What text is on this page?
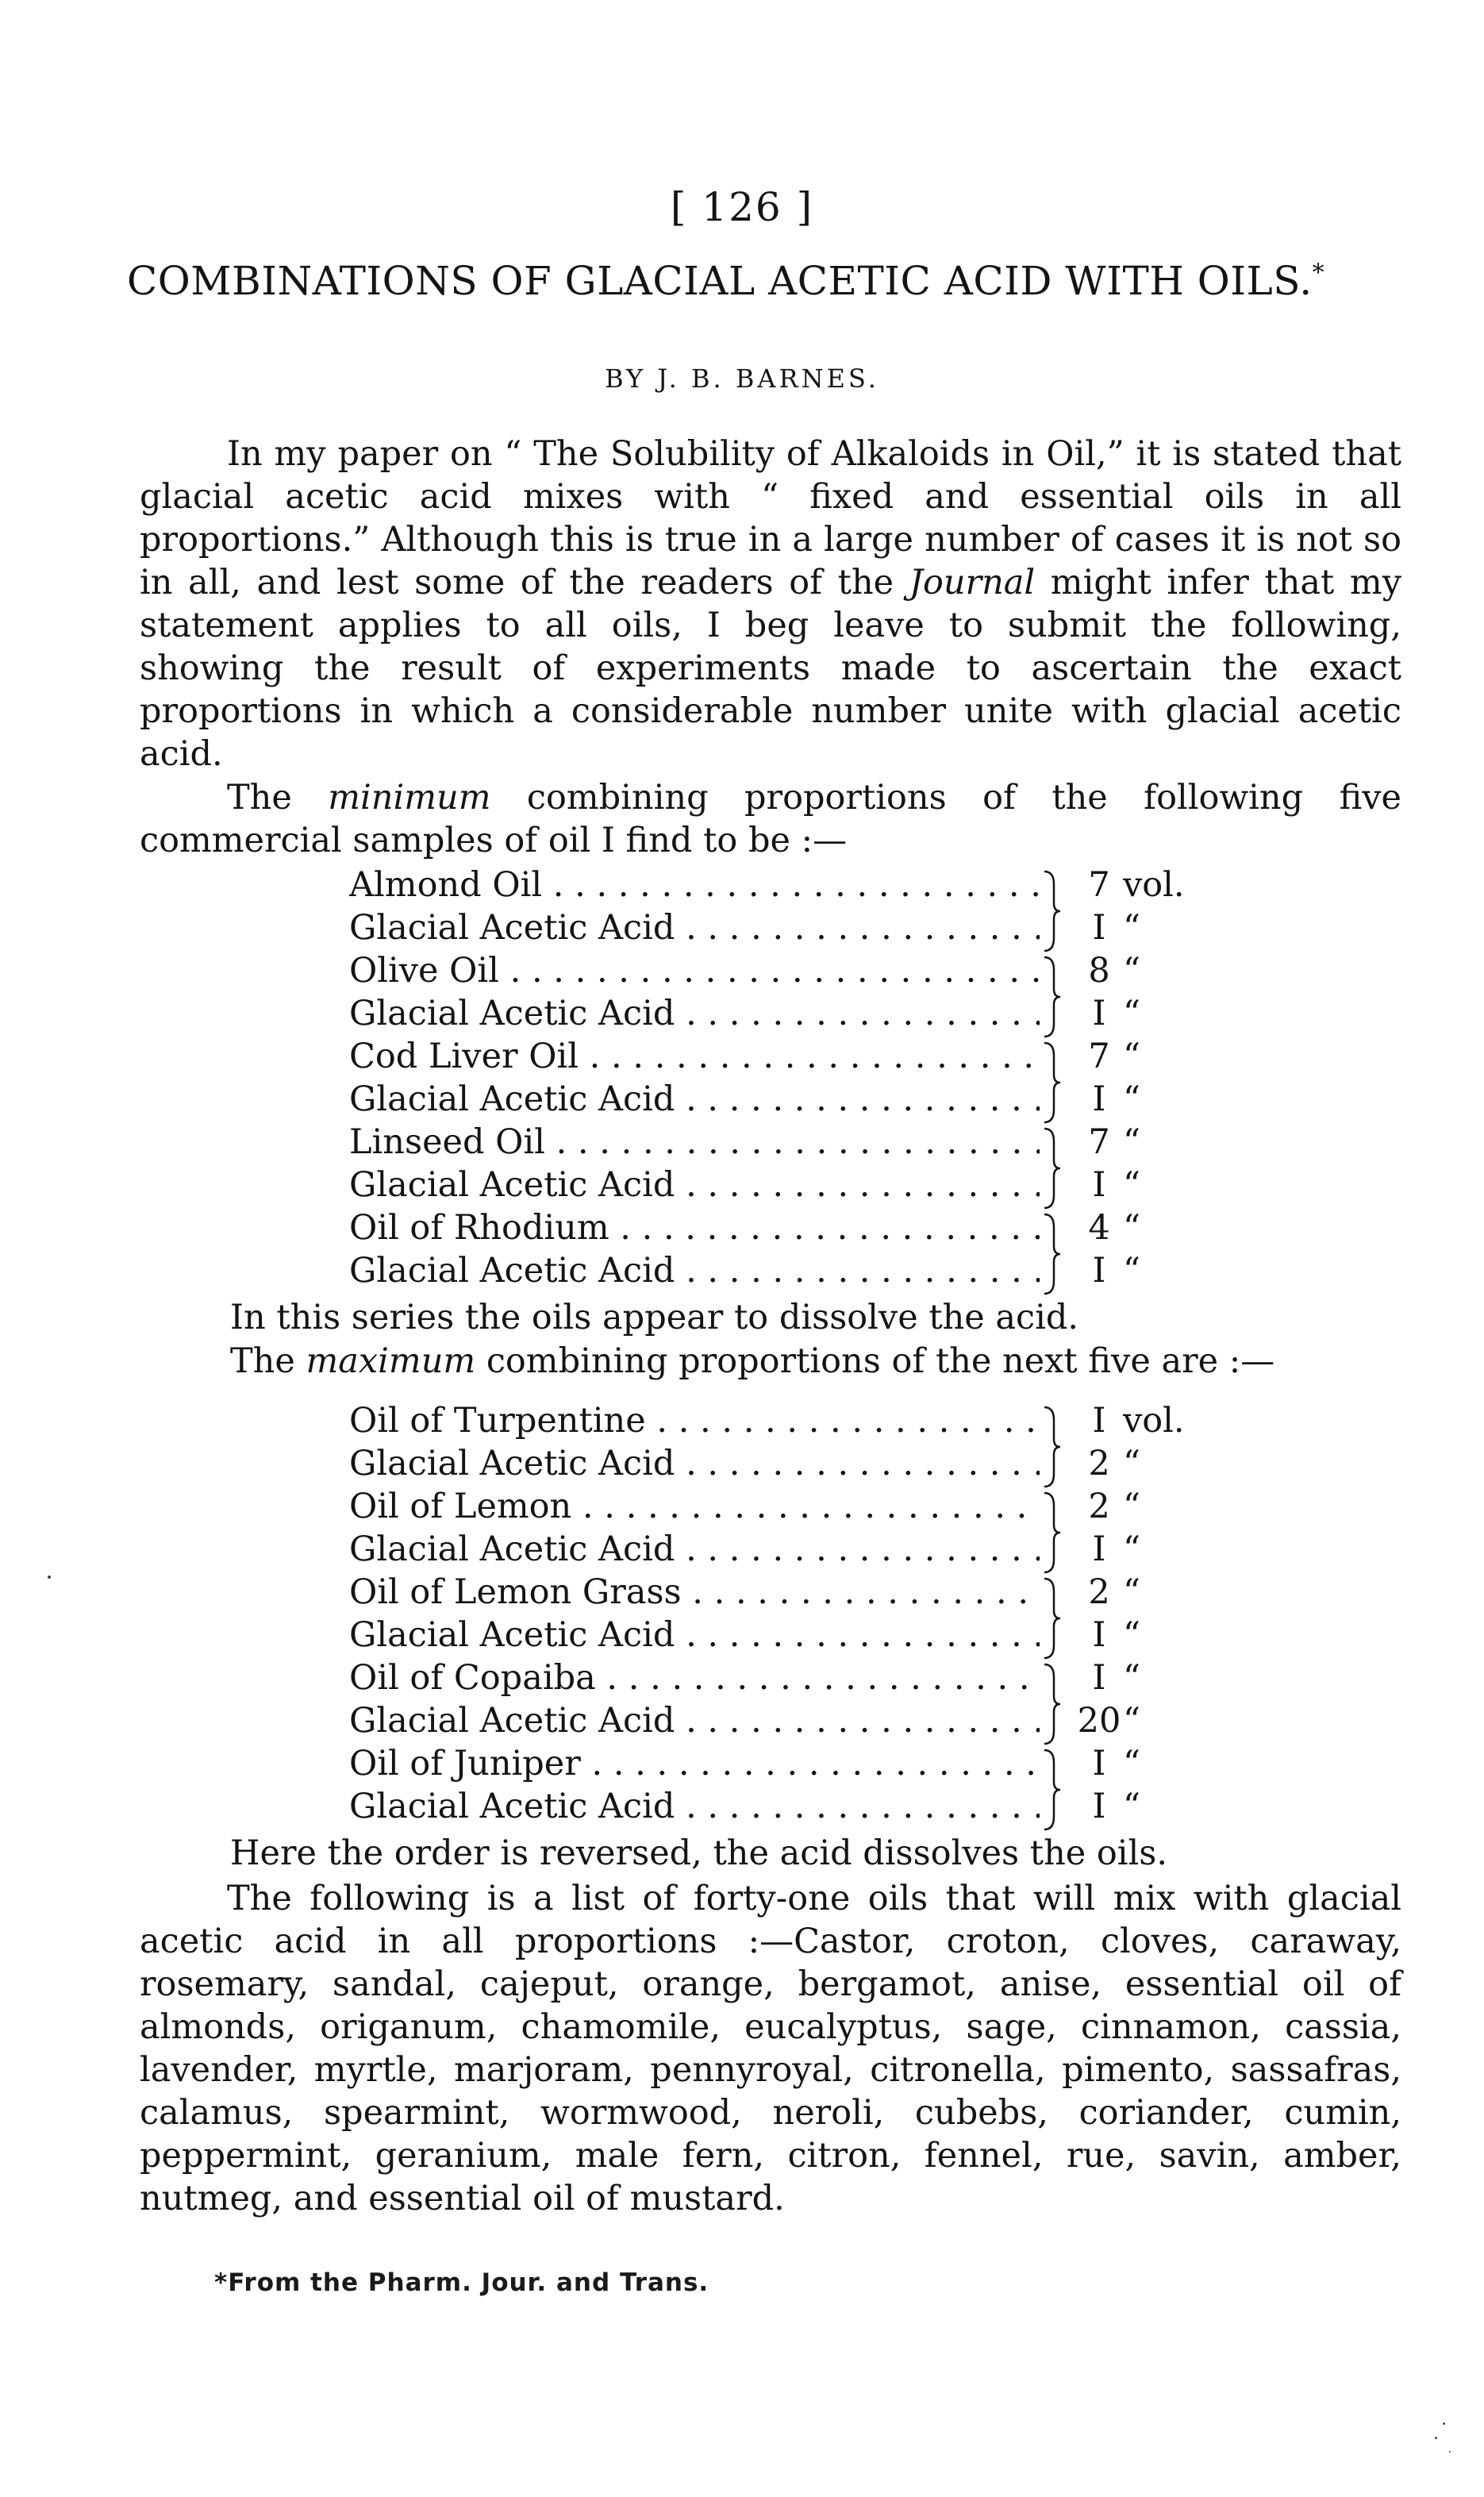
[ 126 ]
COMBINATIONS OF GLACIAL ACETIC ACID WITH OILS.*
BY J. B. BARNES.

In my paper on “ The Solubility of Alkaloids in Oil,” it is stated that glacial acetic acid mixes with “ fixed and essential oils in all proportions.” Although this is true in a large number of cases it is not so in all, and lest some of the readers of the Journal might infer that my statement applies to all oils, I beg leave to submit the following, showing the result of experiments made to ascertain the exact proportions in which a considerable number unite with glacial acetic acid.

The minimum combining proportions of the following five commercial samples of oil I find to be :—

Almond Oil . . .	7 vol.
Glacial Acetic Acid . . .	I “
Olive Oil . . .	8 “
Glacial Acetic Acid . . .	I “
Cod Liver Oil . . .	7 “
Glacial Acetic Acid . . .	I “
Linseed Oil . . .	7 “
Glacial Acetic Acid . . .	I “
Oil of Rhodium . . .	4 “
Glacial Acetic Acid . . .	I “
In this series the oils appear to dissolve the acid.
The maximum combining proportions of the next five are :—
Oil of Turpentine . . .	I vol.
Glacial Acetic Acid . . .	2 “
Oil of Lemon . . .	2 “
Glacial Acetic Acid . . .	I “
Oil of Lemon Grass . . .	2 “
Glacial Acetic Acid . . .	I “
Oil of Copaiba . . .	I “
Glacial Acetic Acid . . .	20 “
Oil of Juniper . . .	I “
Glacial Acetic Acid . . .	I “
Here the order is reversed, the acid dissolves the oils.

The following is a list of forty-one oils that will mix with glacial acetic acid in all proportions :—Castor, croton, cloves, caraway, rosemary, sandal, cajeput, orange, bergamot, anise, essential oil of almonds, origanum, chamomile, eucalyptus, sage, cinnamon, cassia, lavender, myrtle, marjoram, pennyroyal, citronella, pimento, sassafras, calamus, spearmint, wormwood, neroli, cubebs, coriander, cumin, peppermint, geranium, male fern, citron, fennel, rue, savin, amber, nutmeg, and essential oil of mustard.

*From the Pharm. Jour. and Trans.
